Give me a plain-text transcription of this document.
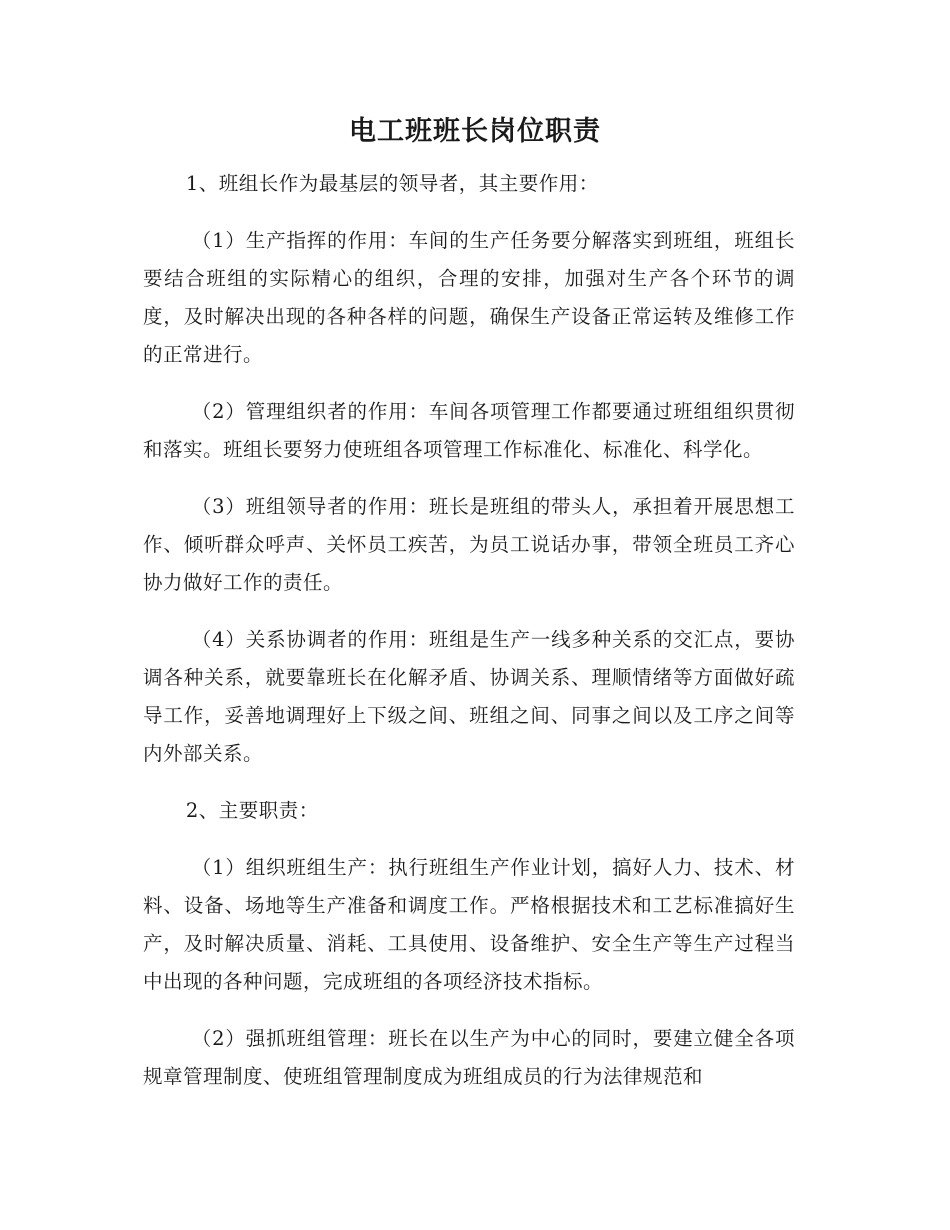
电工班班长岗位职责

1、班组长作为最基层的领导者，其主要作用：

（1）生产指挥的作用：车间的生产任务要分解落实到班组，班组长要结合班组的实际精心的组织，合理的安排，加强对生产各个环节的调度，及时解决出现的各种各样的问题，确保生产设备正常运转及维修工作的正常进行。

（2）管理组织者的作用：车间各项管理工作都要通过班组组织贯彻和落实。班组长要努力使班组各项管理工作标准化、标准化、科学化。

（3）班组领导者的作用：班长是班组的带头人，承担着开展思想工作、倾听群众呼声、关怀员工疾苦，为员工说话办事，带领全班员工齐心协力做好工作的责任。

（4）关系协调者的作用：班组是生产一线多种关系的交汇点，要协调各种关系，就要靠班长在化解矛盾、协调关系、理顺情绪等方面做好疏导工作，妥善地调理好上下级之间、班组之间、同事之间以及工序之间等内外部关系。

2、主要职责：

（1）组织班组生产：执行班组生产作业计划，搞好人力、技术、材料、设备、场地等生产准备和调度工作。严格根据技术和工艺标准搞好生产，及时解决质量、消耗、工具使用、设备维护、安全生产等生产过程当中出现的各种问题，完成班组的各项经济技术指标。

（2）强抓班组管理：班长在以生产为中心的同时，要建立健全各项规章管理制度、使班组管理制度成为班组成员的行为法律规范和
